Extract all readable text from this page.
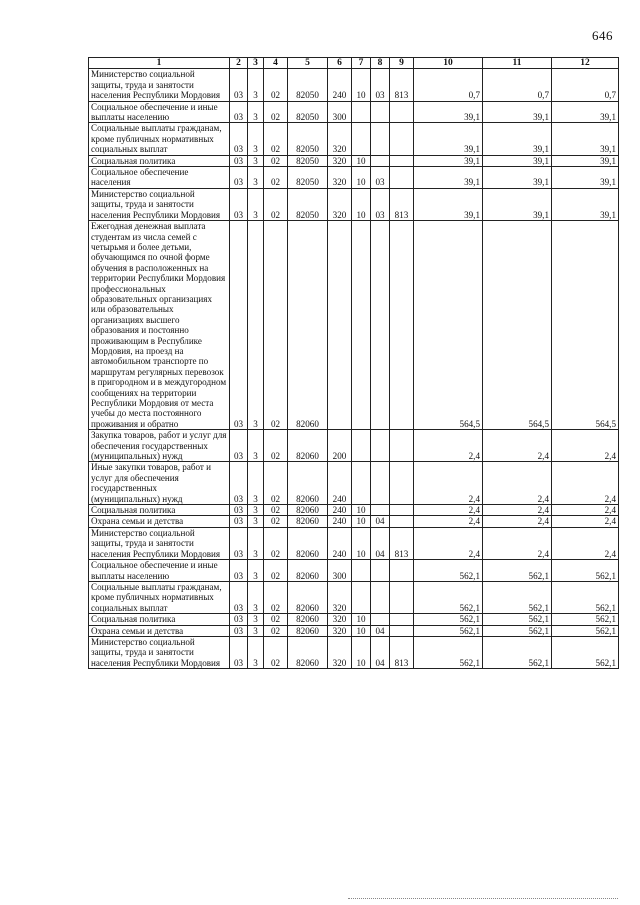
646
1	2	3	4	5	6	7	8	9	10	11	12
Министерство социальной защиты, труда и занятости населения Республики Мордовия	03	3	02	82050	240	10	03	813	0,7	0,7	0,7
Социальное обеспечение и иные выплаты населению	03	3	02	82050	300				39,1	39,1	39,1
Социальные выплаты гражданам, кроме публичных нормативных социальных выплат	03	3	02	82050	320				39,1	39,1	39,1
Социальная политика	03	3	02	82050	320	10			39,1	39,1	39,1
Социальное обеспечение населения	03	3	02	82050	320	10	03		39,1	39,1	39,1
Министерство социальной защиты, труда и занятости населения Республики Мордовия	03	3	02	82050	320	10	03	813	39,1	39,1	39,1
Ежегодная денежная выплата студентам из числа семей с четырьмя и более детьми, обучающимся по очной форме обучения в расположенных на территории Республики Мордовия профессиональных образовательных организациях или образовательных организациях высшего образования и постоянно проживающим в Республике Мордовия, на проезд на автомобильном транспорте по маршрутам регулярных перевозок в пригородном и в междугородном сообщениях на территории Республики Мордовия от места учебы до места постоянного проживания и обратно	03	3	02	82060					564,5	564,5	564,5
Закупка товаров, работ и услуг для обеспечения государственных (муниципальных) нужд	03	3	02	82060	200				2,4	2,4	2,4
Иные закупки товаров, работ и услуг для обеспечения государственных (муниципальных) нужд	03	3	02	82060	240				2,4	2,4	2,4
Социальная политика	03	3	02	82060	240	10			2,4	2,4	2,4
Охрана семьи и детства	03	3	02	82060	240	10	04		2,4	2,4	2,4
Министерство социальной защиты, труда и занятости населения Республики Мордовия	03	3	02	82060	240	10	04	813	2,4	2,4	2,4
Социальное обеспечение и иные выплаты населению	03	3	02	82060	300				562,1	562,1	562,1
Социальные выплаты гражданам, кроме публичных нормативных социальных выплат	03	3	02	82060	320				562,1	562,1	562,1
Социальная политика	03	3	02	82060	320	10			562,1	562,1	562,1
Охрана семьи и детства	03	3	02	82060	320	10	04		562,1	562,1	562,1
Министерство социальной защиты, труда и занятости населения Республики Мордовия	03	3	02	82060	320	10	04	813	562,1	562,1	562,1
